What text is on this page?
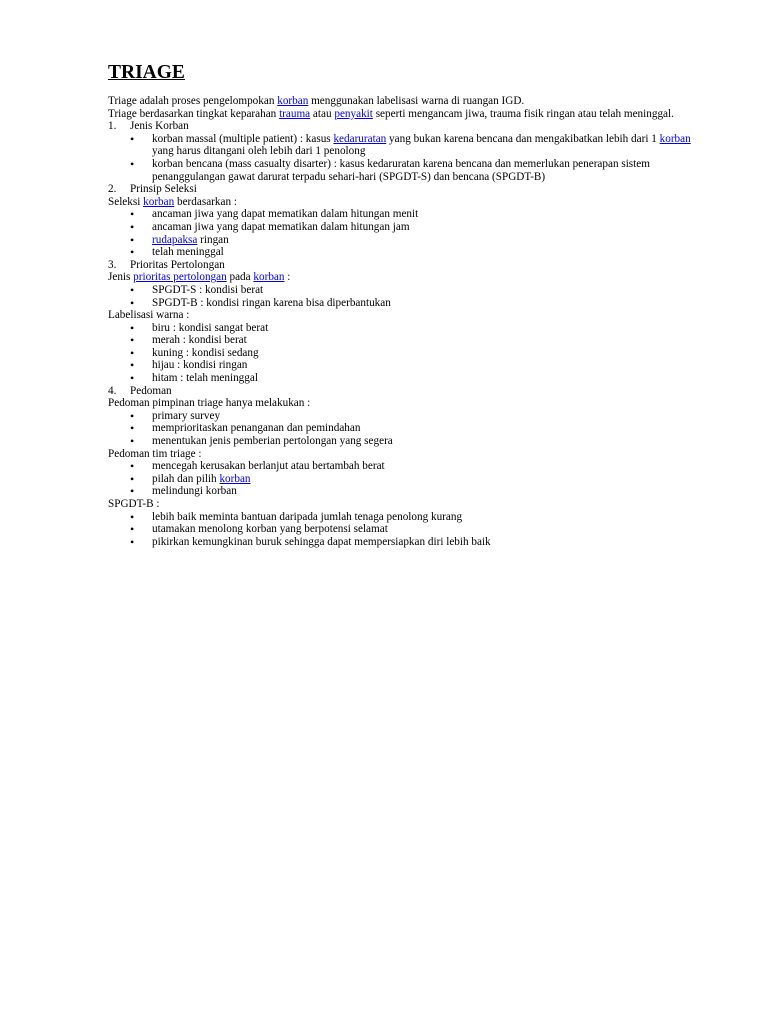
TRIAGE

Triage adalah proses pengelompokan korban menggunakan labelisasi warna di ruangan IGD.

Triage berdasarkan tingkat keparahan trauma atau penyakit seperti mengancam jiwa, trauma fisik ringan atau telah meninggal.

1.	Jenis Korban
• korban massal (multiple patient) : kasus kedaruratan yang bukan karena bencana dan mengakibatkan lebih dari 1 korban yang harus ditangani oleh lebih dari 1 penolong
• korban bencana (mass casualty disarter) : kasus kedaruratan karena bencana dan memerlukan penerapan sistem penanggulangan gawat darurat terpadu sehari-hari (SPGDT-S) dan bencana (SPGDT-B)
2.	Prinsip Seleksi

Seleksi korban berdasarkan :

• ancaman jiwa yang dapat mematikan dalam hitungan menit
• ancaman jiwa yang dapat mematikan dalam hitungan jam
• rudapaksa ringan
• telah meninggal
3.	Prioritas Pertolongan

Jenis prioritas pertolongan pada korban :

• SPGDT-S : kondisi berat
• SPGDT-B : kondisi ringan karena bisa diperbantukan

Labelisasi warna :

• biru : kondisi sangat berat
• merah : kondisi berat
• kuning : kondisi sedang
• hijau : kondisi ringan
• hitam : telah meninggal
4.	Pedoman

Pedoman pimpinan triage hanya melakukan :

• primary survey
• memprioritaskan penanganan dan pemindahan
• menentukan jenis pemberian pertolongan yang segera

Pedoman tim triage :

• mencegah kerusakan berlanjut atau bertambah berat
• pilah dan pilih korban
• melindungi korban

SPGDT-B :

• lebih baik meminta bantuan daripada jumlah tenaga penolong kurang
• utamakan menolong korban yang berpotensi selamat
• pikirkan kemungkinan buruk sehingga dapat mempersiapkan diri lebih baik
